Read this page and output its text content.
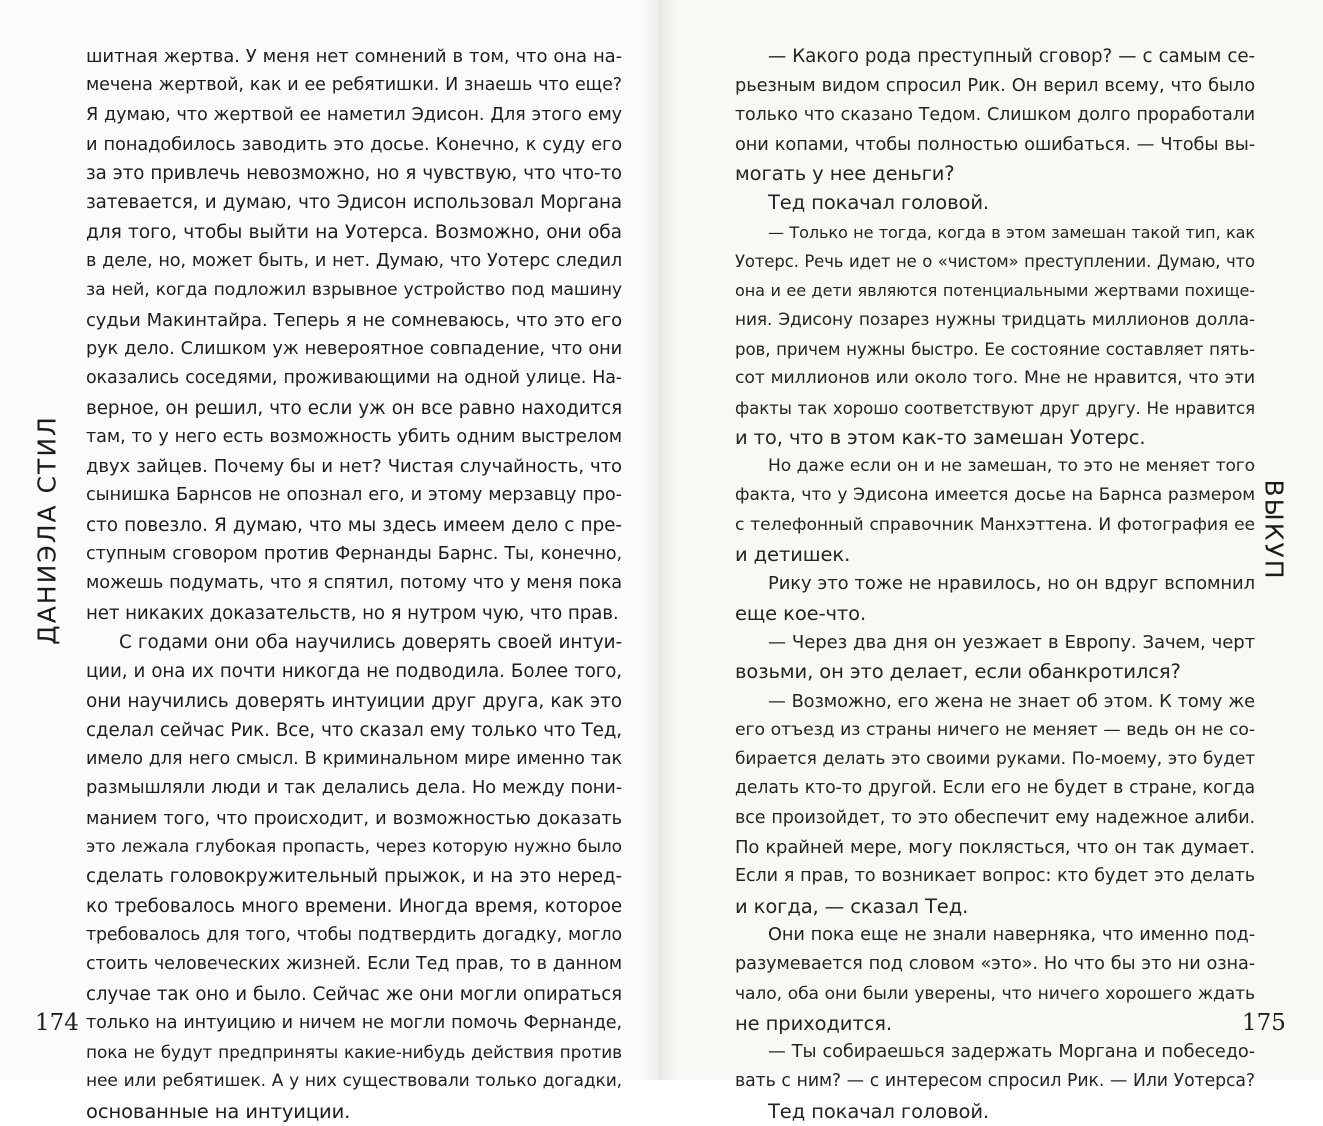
ДАНИЭЛА СТИЛ
шитная жертва. У меня нет сомнений в том, что она на-
мечена жертвой, как и ее ребятишки. И знаешь что еще?
Я думаю, что жертвой ее наметил Эдисон. Для этого ему
и понадобилось заводить это досье. Конечно, к суду его
за это привлечь невозможно, но я чувствую, что что-то
затевается, и думаю, что Эдисон использовал Моргана
для того, чтобы выйти на Уотерса. Возможно, они оба
в деле, но, может быть, и нет. Думаю, что Уотерс следил
за ней, когда подложил взрывное устройство под машину
судьи Макинтайра. Теперь я не сомневаюсь, что это его
рук дело. Слишком уж невероятное совпадение, что они
оказались соседями, проживающими на одной улице. На-
верное, он решил, что если уж он все равно находится
там, то у него есть возможность убить одним выстрелом
двух зайцев. Почему бы и нет? Чистая случайность, что
сынишка Барнсов не опознал его, и этому мерзавцу про-
сто повезло. Я думаю, что мы здесь имеем дело с пре-
ступным сговором против Фернанды Барнс. Ты, конечно,
можешь подумать, что я спятил, потому что у меня пока
нет никаких доказательств, но я нутром чую, что прав.
С годами они оба научились доверять своей интуи-
ции, и она их почти никогда не подводила. Более того,
они научились доверять интуиции друг друга, как это
сделал сейчас Рик. Все, что сказал ему только что Тед,
имело для него смысл. В криминальном мире именно так
размышляли люди и так делались дела. Но между пони-
манием того, что происходит, и возможностью доказать
это лежала глубокая пропасть, через которую нужно было
сделать головокружительный прыжок, и на это неред-
ко требовалось много времени. Иногда время, которое
требовалось для того, чтобы подтвердить догадку, могло
стоить человеческих жизней. Если Тед прав, то в данном
случае так оно и было. Сейчас же они могли опираться
только на интуицию и ничем не могли помочь Фернанде,
пока не будут предприняты какие-нибудь действия против
нее или ребятишек. А у них существовали только догадки,
основанные на интуиции.
174
ВЫКУП
— Какого рода преступный сговор? — с самым се-
рьезным видом спросил Рик. Он верил всему, что было
только что сказано Тедом. Слишком долго проработали
они копами, чтобы полностью ошибаться. — Чтобы вы-
могать у нее деньги?
Тед покачал головой.
— Только не тогда, когда в этом замешан такой тип, как
Уотерс. Речь идет не о «чистом» преступлении. Думаю, что
она и ее дети являются потенциальными жертвами похище-
ния. Эдисону позарез нужны тридцать миллионов долла-
ров, причем нужны быстро. Ее состояние составляет пять-
сот миллионов или около того. Мне не нравится, что эти
факты так хорошо соответствуют друг другу. Не нравится
и то, что в этом как-то замешан Уотерс.
Но даже если он и не замешан, то это не меняет того
факта, что у Эдисона имеется досье на Барнса размером
с телефонный справочник Манхэттена. И фотография ее
и детишек.
Рику это тоже не нравилось, но он вдруг вспомнил
еще кое-что.
— Через два дня он уезжает в Европу. Зачем, черт
возьми, он это делает, если обанкротился?
— Возможно, его жена не знает об этом. К тому же
его отъезд из страны ничего не меняет — ведь он не со-
бирается делать это своими руками. По-моему, это будет
делать кто-то другой. Если его не будет в стране, когда
все произойдет, то это обеспечит ему надежное алиби.
По крайней мере, могу поклясться, что он так думает.
Если я прав, то возникает вопрос: кто будет это делать
и когда, — сказал Тед.
Они пока еще не знали наверняка, что именно под-
разумевается под словом «это». Но что бы это ни озна-
чало, оба они были уверены, что ничего хорошего ждать
не приходится.
— Ты собираешься задержать Моргана и побеседо-
вать с ним? — с интересом спросил Рик. — Или Уотерса?
Тед покачал головой.
175
